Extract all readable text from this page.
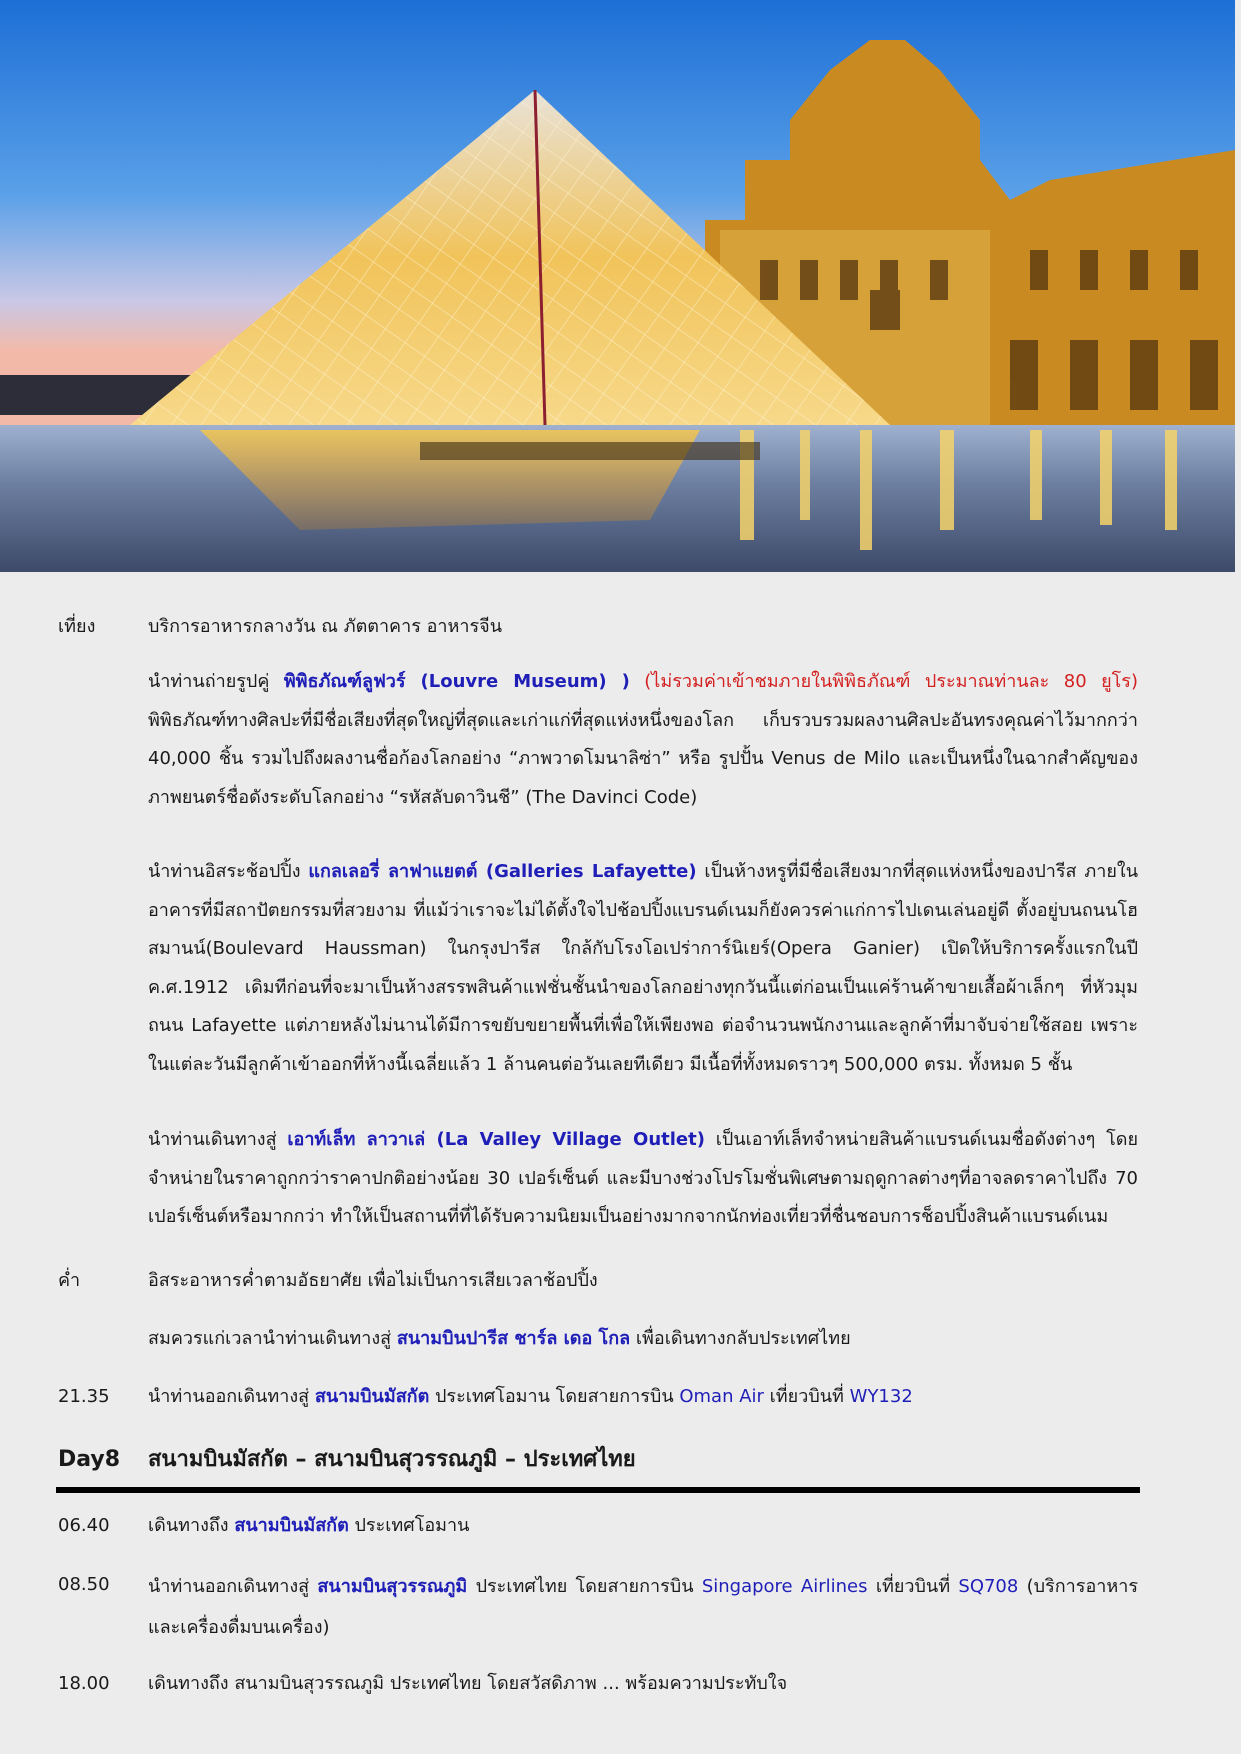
เที่ยง	บริการอาหารกลางวัน ณ ภัตตาคาร อาหารจีน
นำท่านถ่ายรูปคู่ พิพิธภัณฑ์ลูฟวร์ (Louvre Museum) ) (ไม่รวมค่าเข้าชมภายในพิพิธภัณฑ์ ประมาณท่านละ 80 ยูโร) พิพิธภัณฑ์ทางศิลปะที่มีชื่อเสียงที่สุดใหญ่ที่สุดและเก่าแก่ที่สุดแห่งหนึ่งของโลก เก็บรวบรวมผลงานศิลปะอันทรงคุณค่าไว้มากกว่า 40,000 ชิ้น รวมไปถึงผลงานชื่อก้องโลกอย่าง “ภาพวาดโมนาลิซ่า” หรือ รูปปั้น Venus de Milo และเป็นหนึ่งในฉากสำคัญของภาพยนตร์ชื่อดังระดับโลกอย่าง “รหัสลับดาวินชี” (The Davinci Code)
นำท่านอิสระช้อปปิ้ง แกลเลอรี่ ลาฟาแยตต์ (Galleries Lafayette) เป็นห้างหรูที่มีชื่อเสียงมากที่สุดแห่งหนึ่งของปารีส ภายในอาคารที่มีสถาปัตยกรรมที่สวยงาม ที่แม้ว่าเราจะไม่ได้ตั้งใจไปช้อปปิ้งแบรนด์เนมก็ยังควรค่าแก่การไปเดนเล่นอยู่ดี ตั้งอยู่บนถนนโฮสมานน์(Boulevard Haussman) ในกรุงปารีส ใกล้กับโรงโอเปร่าการ์นิเยร์(Opera Ganier) เปิดให้บริการครั้งแรกในปี ค.ศ.1912 เดิมทีก่อนที่จะมาเป็นห้างสรรพสินค้าแฟชั่นชั้นนำของโลกอย่างทุกวันนี้แต่ก่อนเป็นแค่ร้านค้าขายเสื้อผ้าเล็กๆ ที่หัวมุมถนน Lafayette แต่ภายหลังไม่นานได้มีการขยับขยายพื้นที่เพื่อให้เพียงพอ ต่อจำนวนพนักงานและลูกค้าที่มาจับจ่ายใช้สอย เพราะในแต่ละวันมีลูกค้าเข้าออกที่ห้างนี้เฉลี่ยแล้ว 1 ล้านคนต่อวันเลยทีเดียว มีเนื้อที่ทั้งหมดราวๆ 500,000 ตรม. ทั้งหมด 5 ชั้น
นำท่านเดินทางสู่ เอาท์เล็ท ลาวาเล่ (La Valley Village Outlet) เป็นเอาท์เล็ทจำหน่ายสินค้าแบรนด์เนมชื่อดังต่างๆ โดยจำหน่ายในราคาถูกกว่าราคาปกติอย่างน้อย 30 เปอร์เซ็นต์ และมีบางช่วงโปรโมชั่นพิเศษตามฤดูกาลต่างๆที่อาจลดราคาไปถึง 70 เปอร์เซ็นต์หรือมากกว่า ทำให้เป็นสถานที่ที่ได้รับความนิยมเป็นอย่างมากจากนักท่องเที่ยวที่ชื่นชอบการช็อปปิ้งสินค้าแบรนด์เนม
ค่ำ	อิสระอาหารค่ำตามอัธยาศัย เพื่อไม่เป็นการเสียเวลาช้อปปิ้ง
สมควรแก่เวลานำท่านเดินทางสู่ สนามบินปารีส ชาร์ล เดอ โกล เพื่อเดินทางกลับประเทศไทย
21.35	นำท่านออกเดินทางสู่ สนามบินมัสกัต ประเทศโอมาน โดยสายการบิน Oman Air เที่ยวบินที่ WY132
Day8	สนามบินมัสกัต – สนามบินสุวรรณภูมิ – ประเทศไทย
06.40	เดินทางถึง สนามบินมัสกัต ประเทศโอมาน
08.50	นำท่านออกเดินทางสู่ สนามบินสุวรรณภูมิ ประเทศไทย โดยสายการบิน Singapore Airlines เที่ยวบินที่ SQ708 (บริการอาหารและเครื่องดื่มบนเครื่อง)
18.00	เดินทางถึง สนามบินสุวรรณภูมิ ประเทศไทย โดยสวัสดิภาพ ... พร้อมความประทับใจ
